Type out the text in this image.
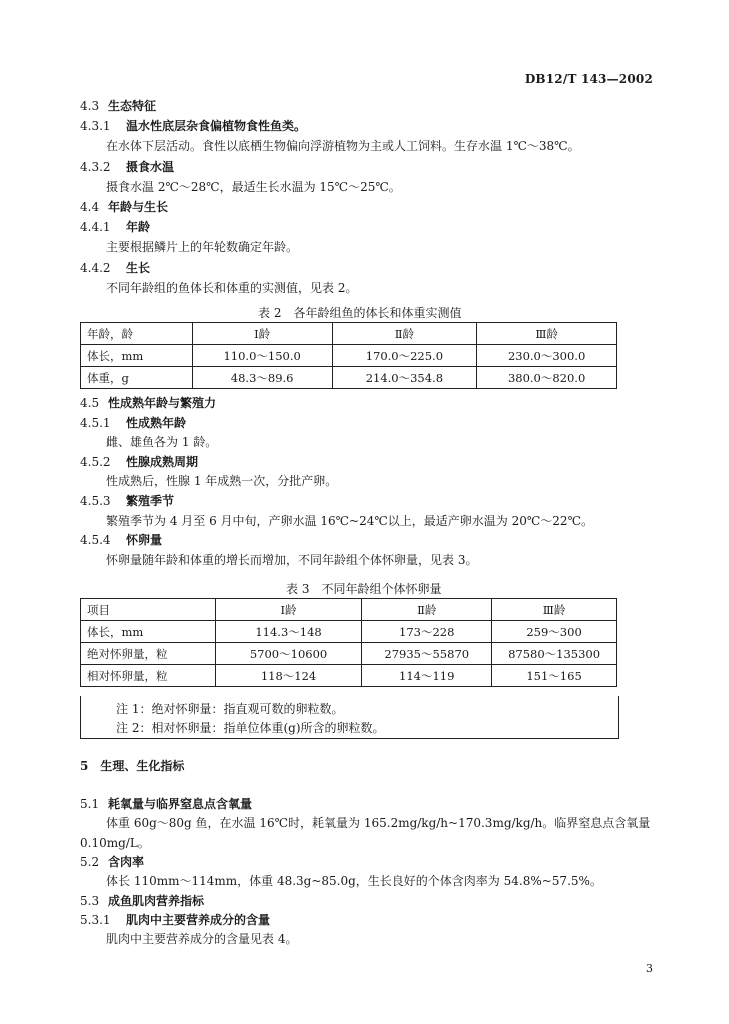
DB12/T 143—2002
4.3 生态特征
4.3.1 温水性底层杂食偏植物食性鱼类。
在水体下层活动。食性以底栖生物偏向浮游植物为主或人工饲料。生存水温 1℃～38℃。
4.3.2 摄食水温
摄食水温 2℃～28℃，最适生长水温为 15℃～25℃。
4.4 年龄与生长
4.4.1 年龄
主要根据鳞片上的年轮数确定年龄。
4.4.2 生长
不同年龄组的鱼体长和体重的实测值，见表 2。
表 2　各年龄组鱼的体长和体重实测值
年龄，龄	Ⅰ龄	Ⅱ龄	Ⅲ龄
体长，mm	110.0～150.0	170.0～225.0	230.0～300.0
体重，g	48.3～89.6	214.0～354.8	380.0～820.0
4.5 性成熟年龄与繁殖力
4.5.1 性成熟年龄
雌、雄鱼各为 1 龄。
4.5.2 性腺成熟周期
性成熟后，性腺 1 年成熟一次，分批产卵。
4.5.3 繁殖季节
繁殖季节为 4 月至 6 月中旬，产卵水温 16℃~24℃以上，最适产卵水温为 20℃～22℃。
4.5.4 怀卵量
怀卵量随年龄和体重的增长而增加，不同年龄组个体怀卵量，见表 3。
表 3　不同年龄组个体怀卵量
项目	Ⅰ龄	Ⅱ龄	Ⅲ龄
体长，mm	114.3～148	173～228	259～300
绝对怀卵量，粒	5700～10600	27935～55870	87580～135300
相对怀卵量，粒	118～124	114～119	151～165
注 1：绝对怀卵量：指直观可数的卵粒数。
注 2：相对怀卵量：指单位体重(g)所含的卵粒数。
5 生理、生化指标
5.1 耗氧量与临界窒息点含氧量
体重 60g～80g 鱼，在水温 16℃时，耗氧量为 165.2mg/kg/h~170.3mg/kg/h。临界窒息点含氧量
0.10mg/L。
5.2 含肉率
体长 110mm～114mm，体重 48.3g~85.0g，生长良好的个体含肉率为 54.8%~57.5%。
5.3 成鱼肌肉营养指标
5.3.1 肌肉中主要营养成分的含量
肌肉中主要营养成分的含量见表 4。
3
